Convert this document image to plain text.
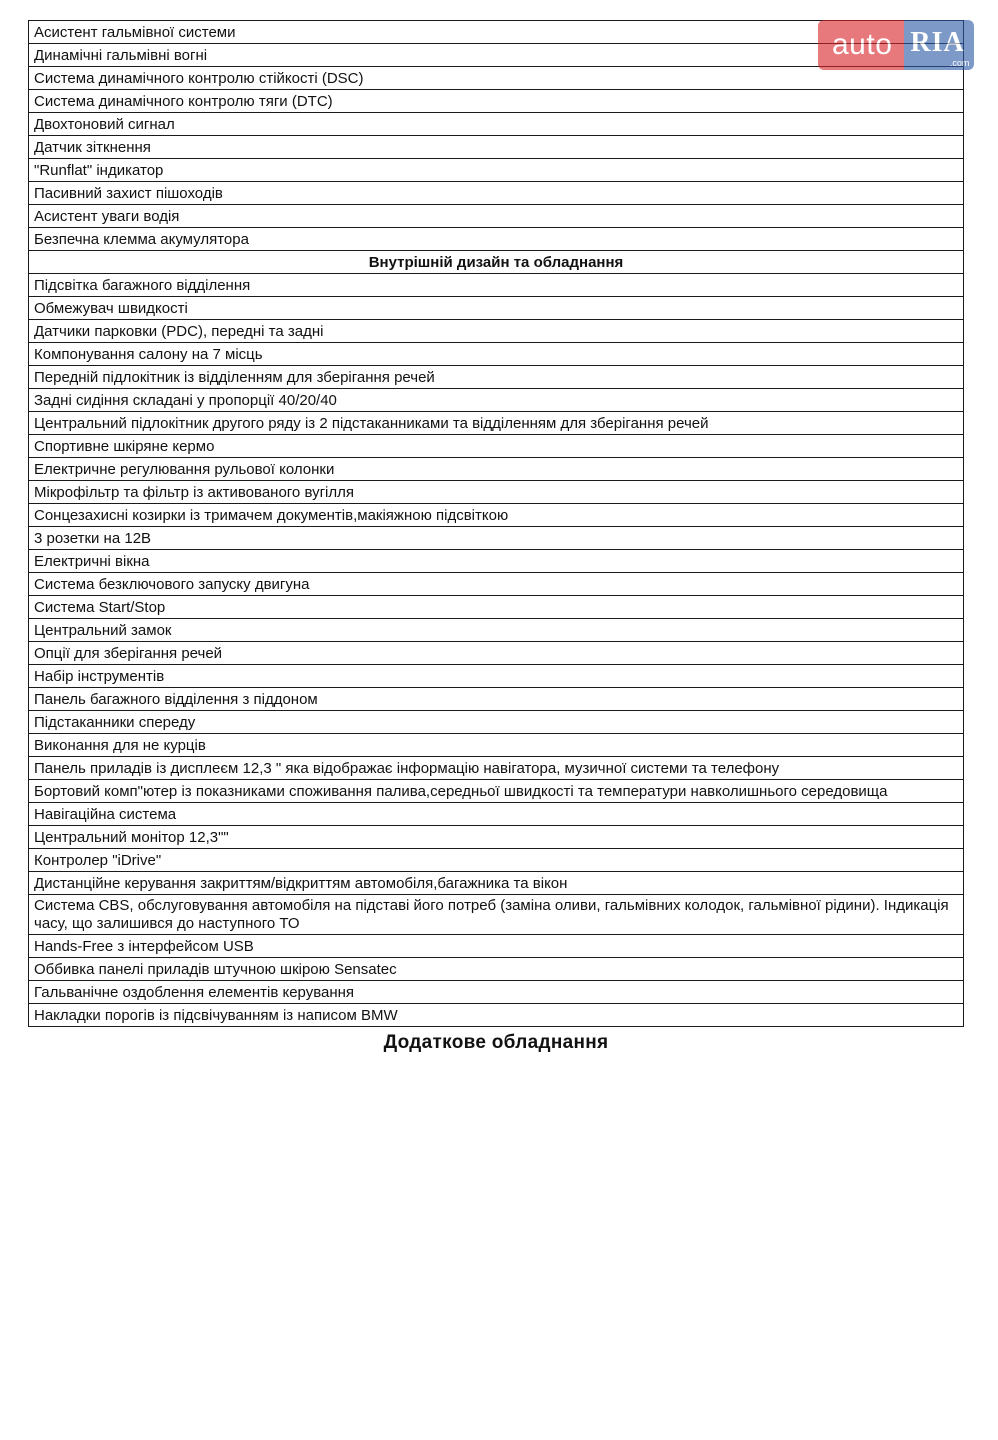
Асистент гальмівної системи
Динамічні гальмівні вогні
Система динамічного контролю стійкості (DSC)
Система динамічного контролю тяги (DTC)
Двохтоновий сигнал
Датчик зіткнення
"Runflat" індикатор
Пасивний захист пішоходів
Асистент уваги водія
Безпечна клемма акумулятора
Внутрішній дизайн та обладнання
Підсвітка багажного відділення
Обмежувач швидкості
Датчики парковки (PDC), передні та задні
Компонування салону на 7 місць
Передній підлокітник із відділенням для зберігання речей
Задні сидіння складані у пропорції 40/20/40
Центральний підлокітник другого ряду із 2 підстаканниками та відділенням для зберігання речей
Спортивне шкіряне кермо
Електричне регулювання рульової колонки
Мікрофільтр та фільтр із активованого вугілля
Сонцезахисні козирки із тримачем документів,макіяжною підсвіткою
3 розетки на 12В
Електричні вікна
Система безключового запуску двигуна
Система Start/Stop
Центральний замок
Опції для зберігання речей
Набір інструментів
Панель багажного відділення з піддоном
Підстаканники спереду
Виконання для не курців
Панель приладів із дисплеєм 12,3 " яка відображає інформацію навігатора, музичної системи та телефону
Бортовий комп"ютер із показниками споживання палива,середньої швидкості та температури навколишнього середовища
Навігаційна система
Центральний монітор 12,3""
Контролер "iDrive"
Дистанційне керування закриттям/відкриттям автомобіля,багажника та вікон
Система CBS, обслуговування автомобіля на підставі його потреб (заміна оливи, гальмівних колодок, гальмівної рідини). Індикація часу, що залишився до наступного ТО
Hands-Free з інтерфейсом USB
Оббивка панелі приладів штучною шкірою Sensatec
Гальванічне оздоблення елементів керування
Накладки порогів із підсвічуванням із написом BMW
Додаткове обладнання
auto RIA
.com
